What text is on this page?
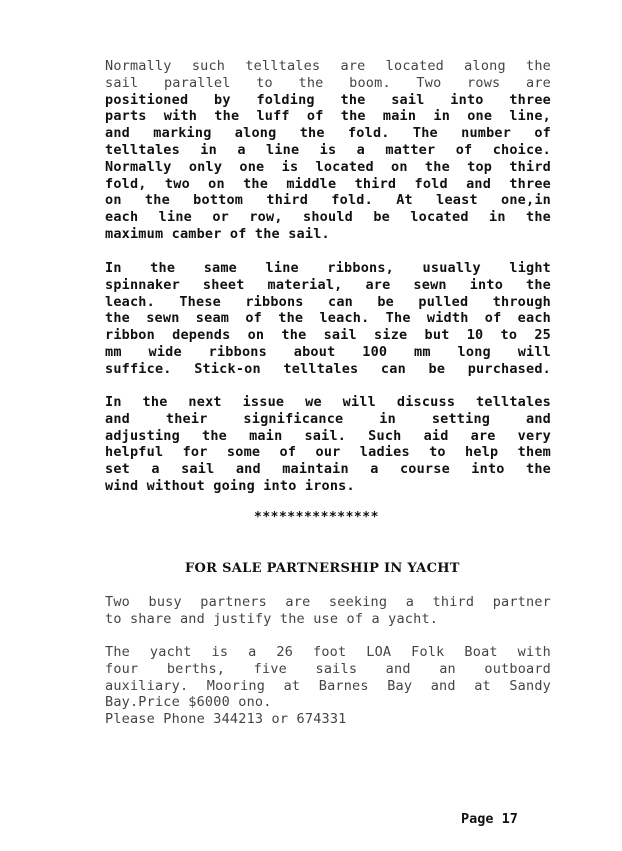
Normally such telltales are located along the
sail parallel to the boom. Two rows are
positioned by folding the sail into three
parts with the luff of the main in one line,
and marking along the fold. The number of
telltales in a line is a matter of choice.
Normally only one is located on the top third
fold, two on the middle third fold and three
on the bottom third fold. At least one,in
each line or row, should be located in the
maximum camber of the sail.
In the same line ribbons, usually light
spinnaker sheet material, are sewn into the
leach. These ribbons can be pulled through
the sewn seam of the leach. The width of each
ribbon depends on the sail size but 10 to 25
mm wide ribbons about 100 mm long will
suffice. Stick-on telltales can be purchased.
In the next issue we will discuss telltales
and their significance in setting and
adjusting the main sail. Such aid are very
helpful for some of our ladies to help them
set a sail and maintain a course into the
wind without going into irons.
***************
FOR SALE PARTNERSHIP IN YACHT
Two busy partners are seeking a third partner
to share and justify the use of a yacht.
The yacht is a 26 foot LOA Folk Boat with
four berths, five sails and an outboard
auxiliary. Mooring at Barnes Bay and at Sandy
Bay.Price $6000 ono.
Please Phone 344213 or 674331
Page 17
